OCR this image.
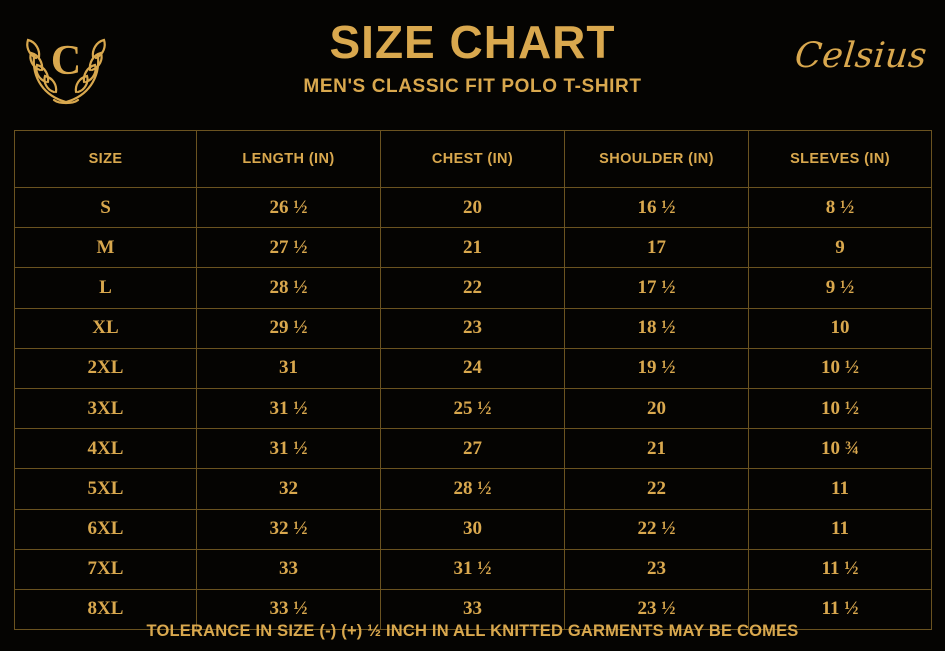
C	SIZE CHART
MEN'S CLASSIC FIT POLO T-SHIRT
Celsius
SIZE	LENGTH (IN)	CHEST (IN)	SHOULDER (IN)	SLEEVES (IN)
S	26 ½	20	16 ½	8 ½
M	27 ½	21	17	9
L	28 ½	22	17 ½	9 ½
XL	29 ½	23	18 ½	10
2XL	31	24	19 ½	10 ½
3XL	31 ½	25 ½	20	10 ½
4XL	31 ½	27	21	10 ¾
5XL	32	28 ½	22	11
6XL	32 ½	30	22 ½	11
7XL	33	31 ½	23	11 ½
8XL	33 ½	33	23 ½	11 ½
TOLERANCE IN SIZE (-) (+) ½ INCH IN ALL KNITTED GARMENTS MAY BE COMES
